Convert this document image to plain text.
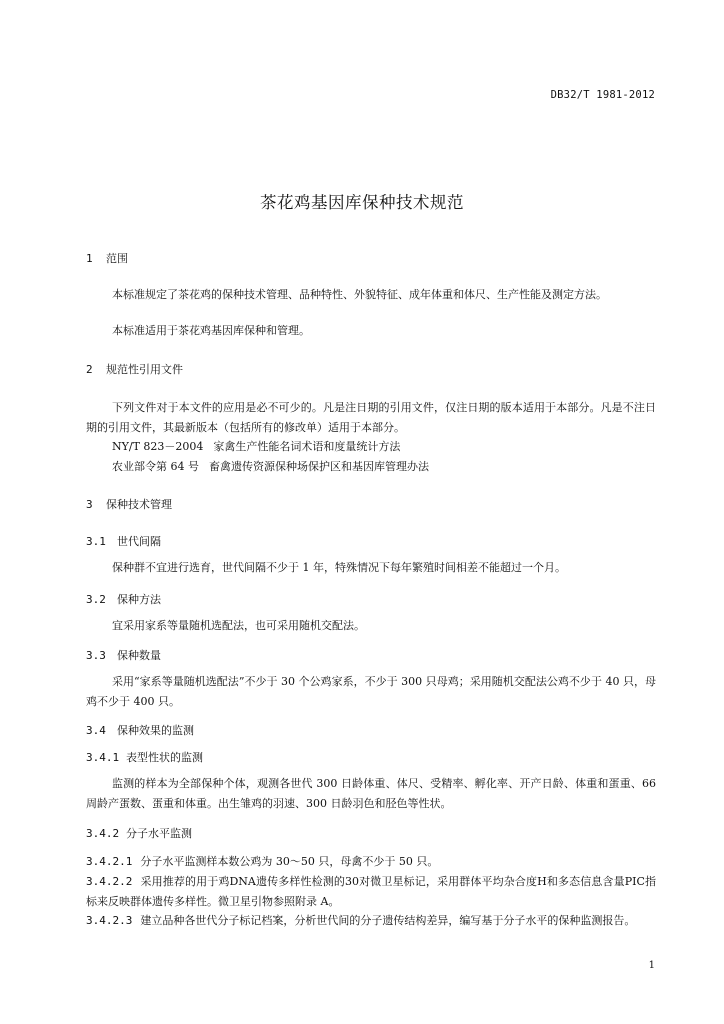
DB32/T 1981-2012
茶花鸡基因库保种技术规范
1 范围
本标准规定了茶花鸡的保种技术管理、品种特性、外貌特征、成年体重和体尺、生产性能及测定方法。
本标准适用于茶花鸡基因库保种和管理。
2 规范性引用文件
下列文件对于本文件的应用是必不可少的。凡是注日期的引用文件，仅注日期的版本适用于本部分。凡是不注日期的引用文件，其最新版本（包括所有的修改单）适用于本部分。
NY/T 823－2004 家禽生产性能名词术语和度量统计方法
农业部令第 64 号 畜禽遗传资源保种场保护区和基因库管理办法
3 保种技术管理
3.1 世代间隔
保种群不宜进行选育，世代间隔不少于 1 年，特殊情况下每年繁殖时间相差不能超过一个月。
3.2 保种方法
宜采用家系等量随机选配法，也可采用随机交配法。
3.3 保种数量
采用“家系等量随机选配法”不少于 30 个公鸡家系，不少于 300 只母鸡；采用随机交配法公鸡不少于 40 只，母鸡不少于 400 只。
3.4 保种效果的监测
3.4.1 表型性状的监测
监测的样本为全部保种个体，观测各世代 300 日龄体重、体尺、受精率、孵化率、开产日龄、体重和蛋重、66 周龄产蛋数、蛋重和体重。出生雏鸡的羽速、300 日龄羽色和胫色等性状。
3.4.2 分子水平监测
3.4.2.1 分子水平监测样本数公鸡为 30～50 只，母禽不少于 50 只。
3.4.2.2 采用推荐的用于鸡DNA遗传多样性检测的30对微卫星标记，采用群体平均杂合度H和多态信息含量PIC指标来反映群体遗传多样性。微卫星引物参照附录 A。
3.4.2.3 建立品种各世代分子标记档案，分析世代间的分子遗传结构差异，编写基于分子水平的保种监测报告。
1
